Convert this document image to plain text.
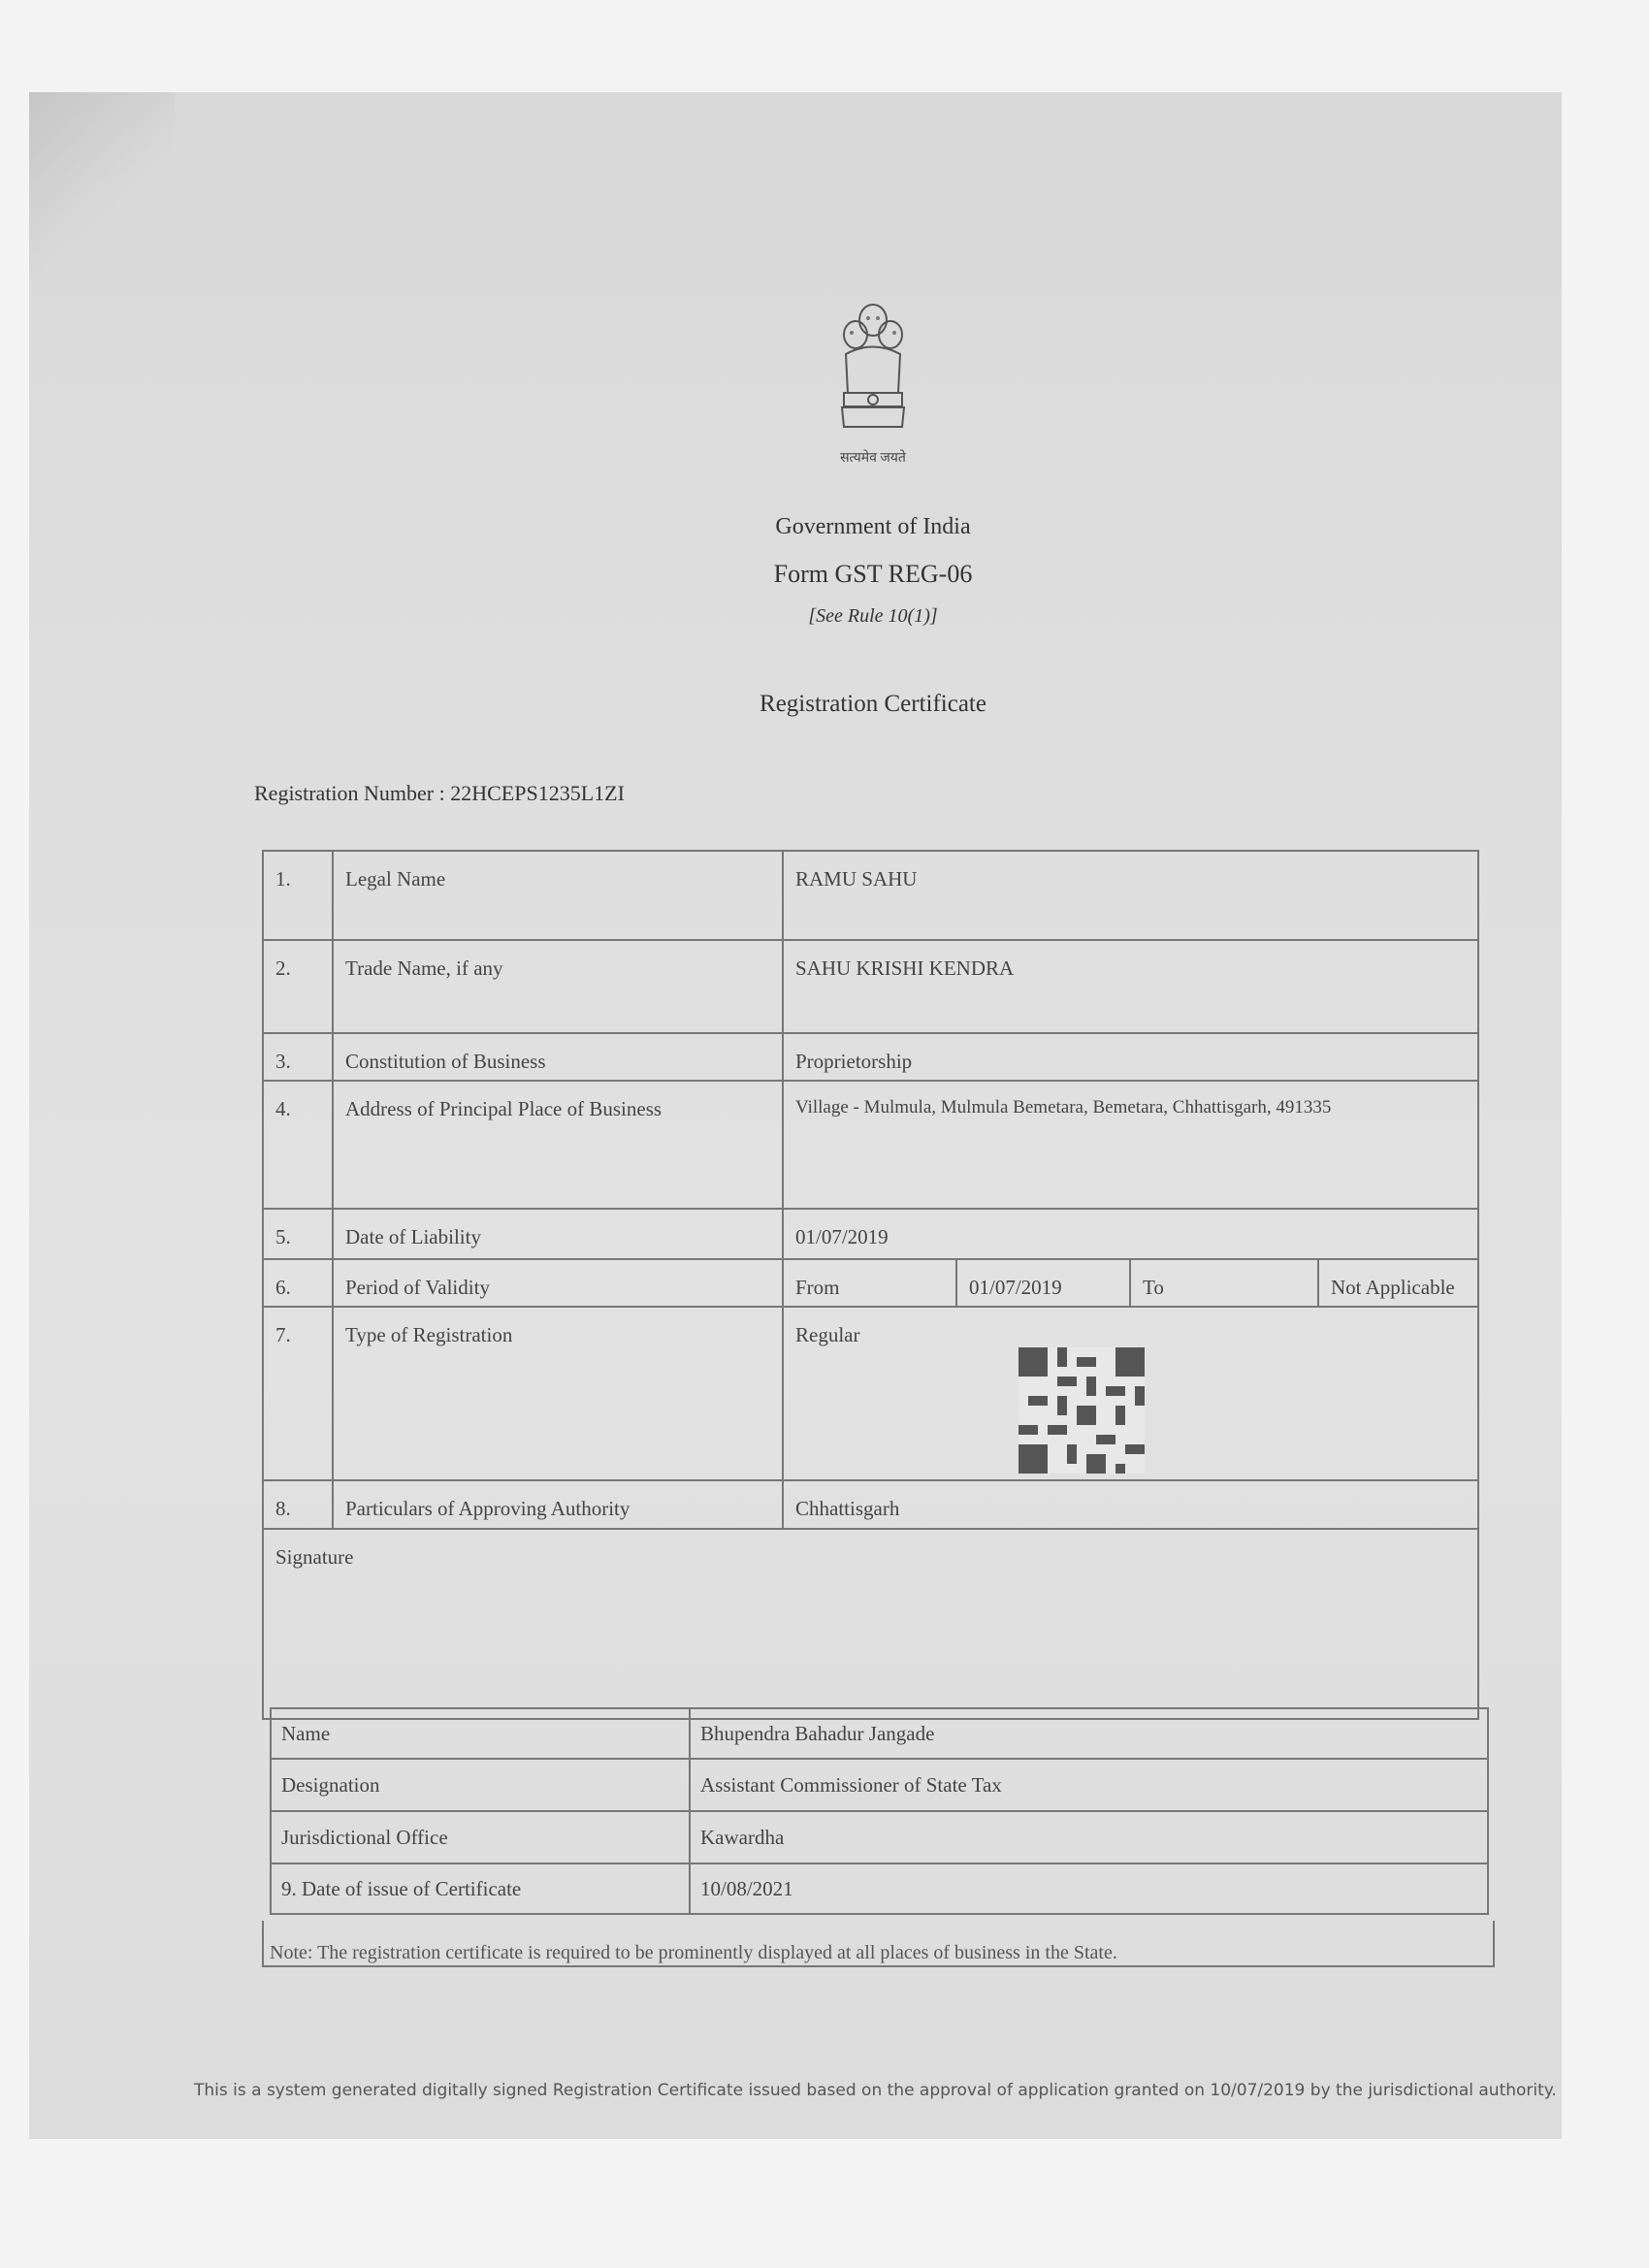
सत्यमेव जयते
Government of India
Form GST REG-06
[See Rule 10(1)]
Registration Certificate
Registration Number : 22HCEPS1235L1ZI
1.	Legal Name	RAMU SAHU			
2.	Trade Name, if any	SAHU KRISHI KENDRA			
3.	Constitution of Business	Proprietorship			
4.	Address of Principal Place of Business	Village - Mulmula, Mulmula Bemetara, Bemetara, Chhattisgarh, 491335			
5.	Date of Liability	01/07/2019			
6.	Period of Validity	From	01/07/2019	To	Not Applicable
7.	Type of Registration	Regular			

8.	Particulars of Approving Authority	Chhattisgarh			
Signature					
Name	Bhupendra Bahadur Jangade
Designation	Assistant Commissioner of State Tax
Jurisdictional Office	Kawardha
9. Date of issue of Certificate	10/08/2021
Note: The registration certificate is required to be prominently displayed at all places of business in the State.
This is a system generated digitally signed Registration Certificate issued based on the approval of application granted on 10/07/2019 by the jurisdictional authority.
